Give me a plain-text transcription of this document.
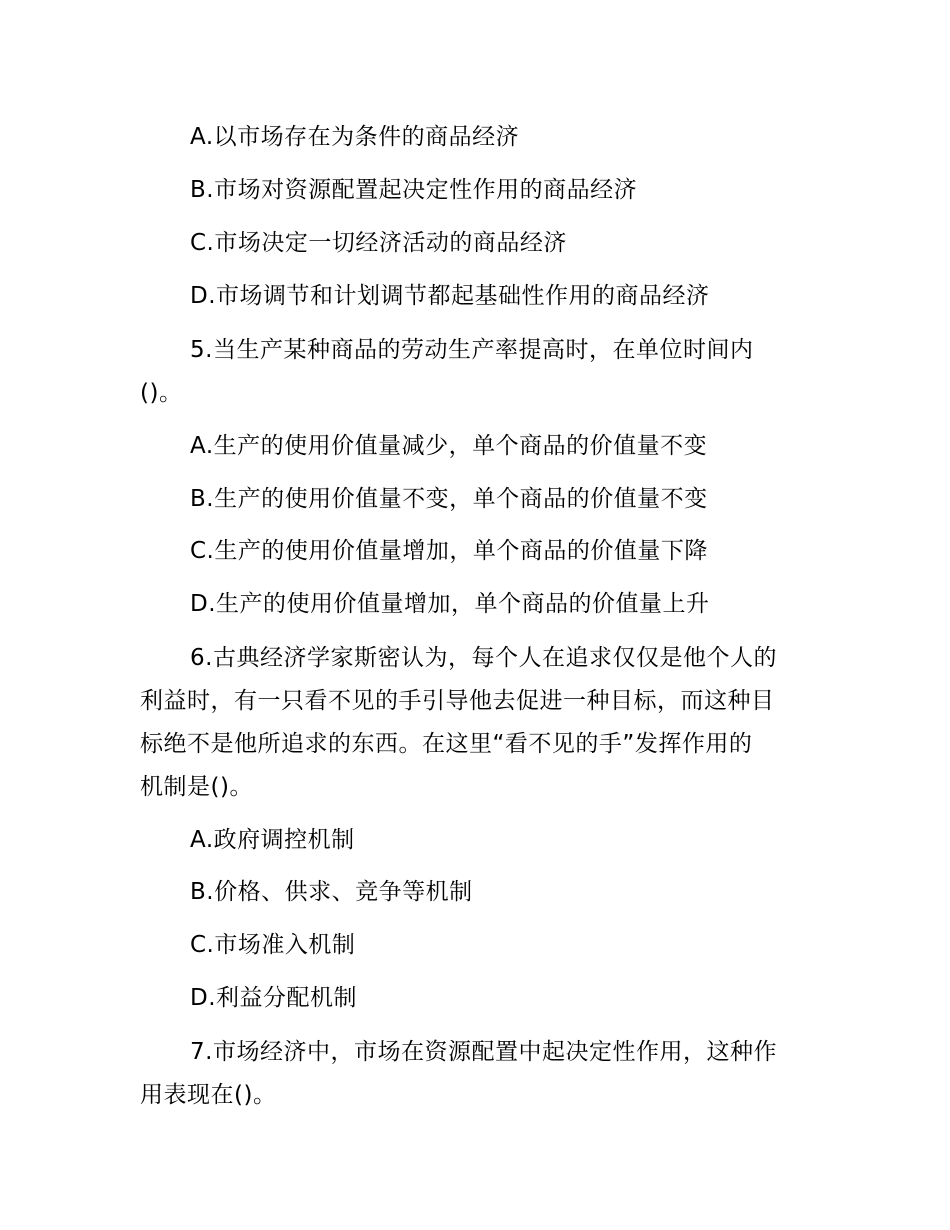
A.以市场存在为条件的商品经济
B.市场对资源配置起决定性作用的商品经济
C.市场决定一切经济活动的商品经济
D.市场调节和计划调节都起基础性作用的商品经济
5.当生产某种商品的劳动生产率提高时，在单位时间内
()。
A.生产的使用价值量减少，单个商品的价值量不变
B.生产的使用价值量不变，单个商品的价值量不变
C.生产的使用价值量增加，单个商品的价值量下降
D.生产的使用价值量增加，单个商品的价值量上升
6.古典经济学家斯密认为，每个人在追求仅仅是他个人的
利益时，有一只看不见的手引导他去促进一种目标，而这种目
标绝不是他所追求的东西。在这里“看不见的手”发挥作用的
机制是()。
A.政府调控机制
B.价格、供求、竞争等机制
C.市场准入机制
D.利益分配机制
7.市场经济中，市场在资源配置中起决定性作用，这种作
用表现在()。
